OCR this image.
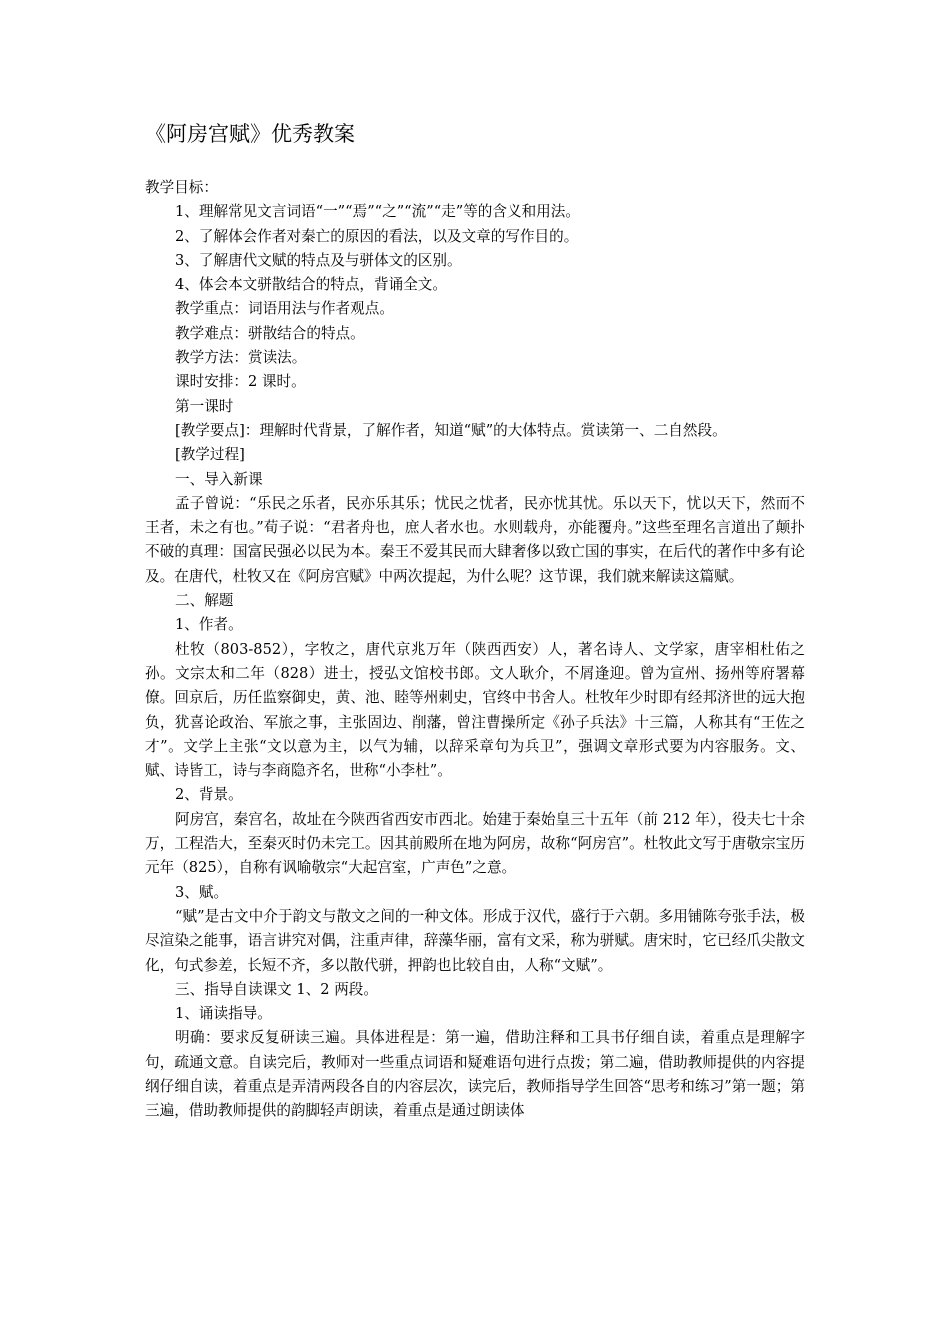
《阿房宫赋》优秀教案

教学目标：

1、理解常见文言词语“一”“焉”“之”“流”“走”等的含义和用法。

2、了解体会作者对秦亡的原因的看法，以及文章的写作目的。

3、了解唐代文赋的特点及与骈体文的区别。

4、体会本文骈散结合的特点，背诵全文。

教学重点：词语用法与作者观点。

教学难点：骈散结合的特点。

教学方法：赏读法。

课时安排：2 课时。

第一课时

[教学要点]：理解时代背景，了解作者，知道“赋”的大体特点。赏读第一、二自然段。

[教学过程]

一、导入新课

孟子曾说：“乐民之乐者，民亦乐其乐；忧民之忧者，民亦忧其忧。乐以天下，忧以天下，然而不王者，未之有也。”荀子说：“君者舟也，庶人者水也。水则载舟，亦能覆舟。”这些至理名言道出了颠扑不破的真理：国富民强必以民为本。秦王不爱其民而大肆奢侈以致亡国的事实，在后代的著作中多有论及。在唐代，杜牧又在《阿房宫赋》中两次提起，为什么呢？这节课，我们就来解读这篇赋。

二、解题

1、作者。

杜牧（803-852），字牧之，唐代京兆万年（陕西西安）人，著名诗人、文学家，唐宰相杜佑之孙。文宗太和二年（828）进士，授弘文馆校书郎。文人耿介，不屑逢迎。曾为宣州、扬州等府署幕僚。回京后，历任监察御史，黄、池、睦等州刺史，官终中书舍人。杜牧年少时即有经邦济世的远大抱负，犹喜论政治、军旅之事，主张固边、削藩，曾注曹操所定《孙子兵法》十三篇，人称其有“王佐之才”。文学上主张“文以意为主，以气为辅，以辞采章句为兵卫”，强调文章形式要为内容服务。文、赋、诗皆工，诗与李商隐齐名，世称“小李杜”。

2、背景。

阿房宫，秦宫名，故址在今陕西省西安市西北。始建于秦始皇三十五年（前 212 年），役夫七十余万，工程浩大，至秦灭时仍未完工。因其前殿所在地为阿房，故称“阿房宫”。杜牧此文写于唐敬宗宝历元年（825），自称有讽喻敬宗“大起宫室，广声色”之意。

3、赋。

“赋”是古文中介于韵文与散文之间的一种文体。形成于汉代，盛行于六朝。多用铺陈夸张手法，极尽渲染之能事，语言讲究对偶，注重声律，辞藻华丽，富有文采，称为骈赋。唐宋时，它已经爪尖散文化，句式参差，长短不齐，多以散代骈，押韵也比较自由，人称“文赋”。

三、指导自读课文 1、2 两段。

1、诵读指导。

明确：要求反复研读三遍。具体进程是：第一遍，借助注释和工具书仔细自读，着重点是理解字句，疏通文意。自读完后，教师对一些重点词语和疑难语句进行点拨；第二遍，借助教师提供的内容提纲仔细自读，着重点是弄清两段各自的内容层次，读完后，教师指导学生回答“思考和练习”第一题；第三遍，借助教师提供的韵脚轻声朗读，着重点是通过朗读体
